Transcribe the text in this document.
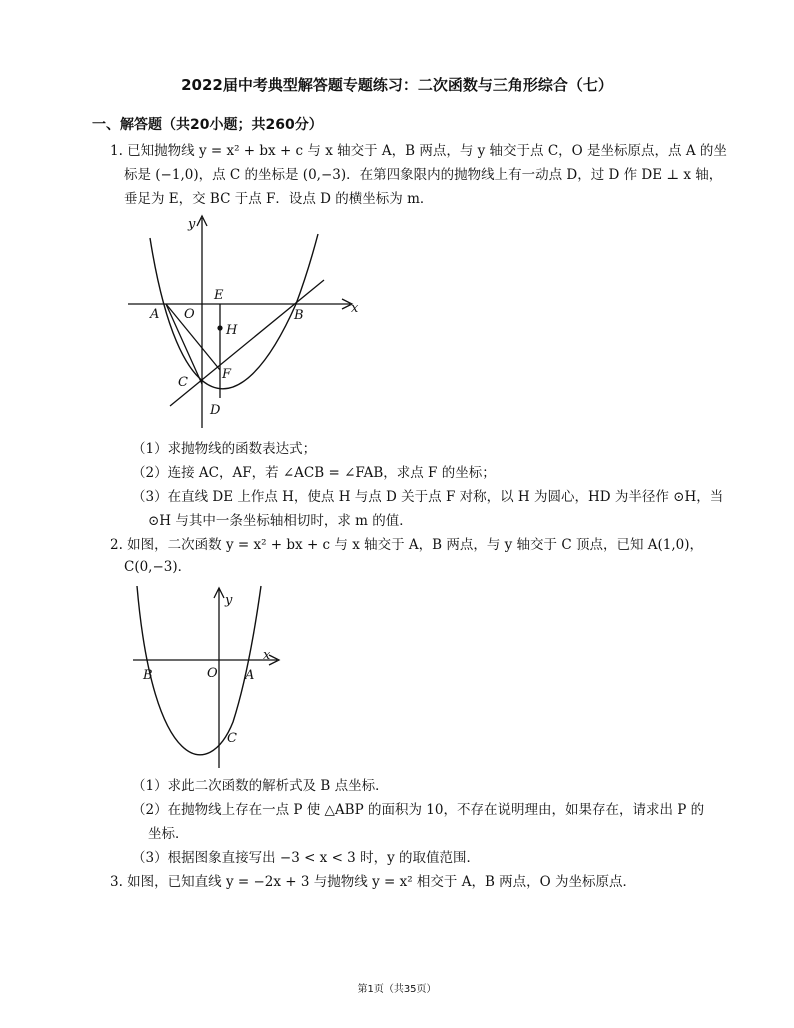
2022届中考典型解答题专题练习：二次函数与三角形综合（七）
一、解答题（共20小题；共260分）
1. 已知抛物线 y = x² + bx + c 与 x 轴交于 A，B 两点，与 y 轴交于点 C，O 是坐标原点，点 A 的坐
标是 (−1,0)，点 C 的坐标是 (0,−3)．在第四象限内的抛物线上有一动点 D，过 D 作 DE ⊥ x 轴，
垂足为 E，交 BC 于点 F．设点 D 的横坐标为 m．
y
x
E
A O	B
H
C
F
D
（1）求抛物线的函数表达式；
（2）连接 AC，AF，若 ∠ACB = ∠FAB，求点 F 的坐标；
（3）在直线 DE 上作点 H，使点 H 与点 D 关于点 F 对称，以 H 为圆心，HD 为半径作 ⊙H，当
⊙H 与其中一条坐标轴相切时，求 m 的值．
2. 如图，二次函数 y = x² + bx + c 与 x 轴交于 A，B 两点，与 y 轴交于 C 顶点，已知 A(1,0)，
C(0,−3)．
y
x
B	O A
C
（1）求此二次函数的解析式及 B 点坐标．
（2）在抛物线上存在一点 P 使 △ABP 的面积为 10，不存在说明理由，如果存在，请求出 P 的
坐标．
（3）根据图象直接写出 −3 < x < 3 时，y 的取值范围．
3. 如图，已知直线 y = −2x + 3 与抛物线 y = x² 相交于 A，B 两点，O 为坐标原点．
第1页（共35页）
